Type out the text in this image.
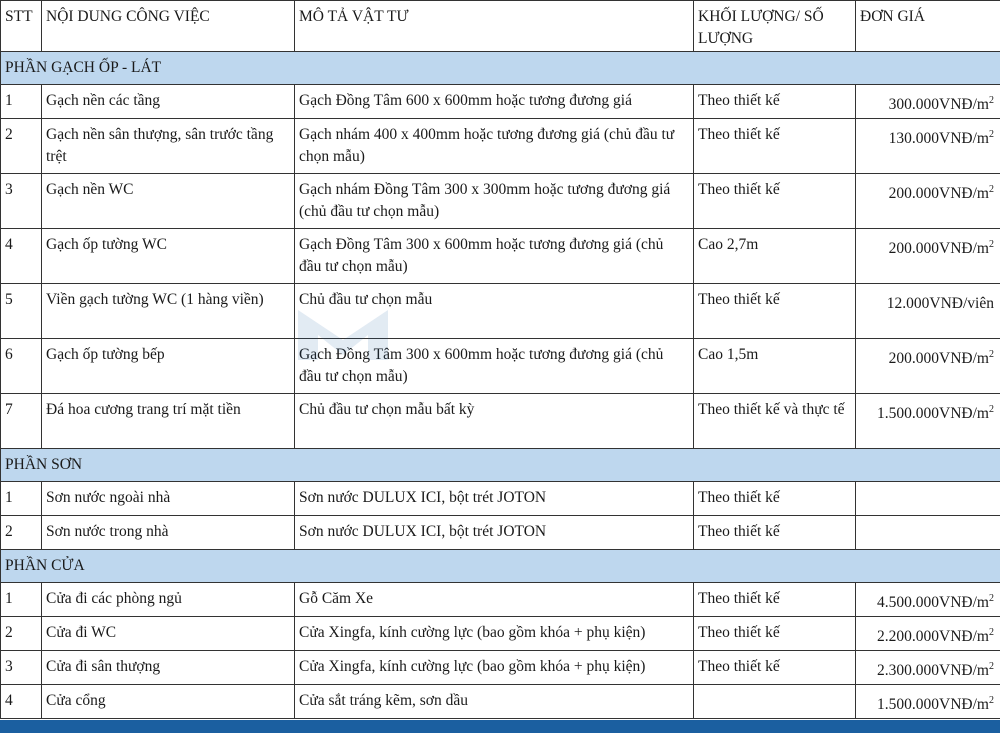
STT	NỘI DUNG CÔNG VIỆC	MÔ TẢ VẬT TƯ	KHỐI LƯỢNG/ SỐ LƯỢNG	ĐƠN GIÁ
PHẦN GẠCH ỐP - LÁT				
1	Gạch nền các tầng	Gạch Đồng Tâm 600 x 600mm hoặc tương đương giá	Theo thiết kế	$300.000VNĐ/m^2$
2	Gạch nền sân thượng, sân trước tầng trệt	Gạch nhám 400 x 400mm hoặc tương đương giá (chủ đầu tư chọn mẫu)	Theo thiết kế	$130.000VNĐ/m^2$
3	Gạch nền WC	Gạch nhám Đồng Tâm 300 x 300mm hoặc tương đương giá (chủ đầu tư chọn mẫu)	Theo thiết kế	$200.000VNĐ/m^2$
4	Gạch ốp tường WC	Gạch Đồng Tâm 300 x 600mm hoặc tương đương giá (chủ đầu tư chọn mẫu)	Cao 2,7m	$200.000VNĐ/m^2$
5	Viền gạch tường WC (1 hàng viền)	Chủ đầu tư chọn mẫu	Theo thiết kế	12.000VNĐ/viên
6	Gạch ốp tường bếp	Gạch Đồng Tâm 300 x 600mm hoặc tương đương giá (chủ đầu tư chọn mẫu)	Cao 1,5m	$200.000VNĐ/m^2$
7	Đá hoa cương trang trí mặt tiền	Chủ đầu tư chọn mẫu bất kỳ	Theo thiết kế và thực tế	$1.500.000VNĐ/m^2$
PHẦN SƠN				
1	Sơn nước ngoài nhà	Sơn nước DULUX ICI, bột trét JOTON	Theo thiết kế	
2	Sơn nước trong nhà	Sơn nước DULUX ICI, bột trét JOTON	Theo thiết kế	
PHẦN CỬA				
1	Cửa đi các phòng ngủ	Gỗ Căm Xe	Theo thiết kế	$4.500.000VNĐ/m^2$
2	Cửa đi WC	Cửa Xingfa, kính cường lực (bao gồm khóa + phụ kiện)	Theo thiết kế	$2.200.000VNĐ/m^2$
3	Cửa đi sân thượng	Cửa Xingfa, kính cường lực (bao gồm khóa + phụ kiện)	Theo thiết kế	$2.300.000VNĐ/m^2$
4	Cửa cổng	Cửa sắt tráng kẽm, sơn dầu		$1.500.000VNĐ/m^2$
